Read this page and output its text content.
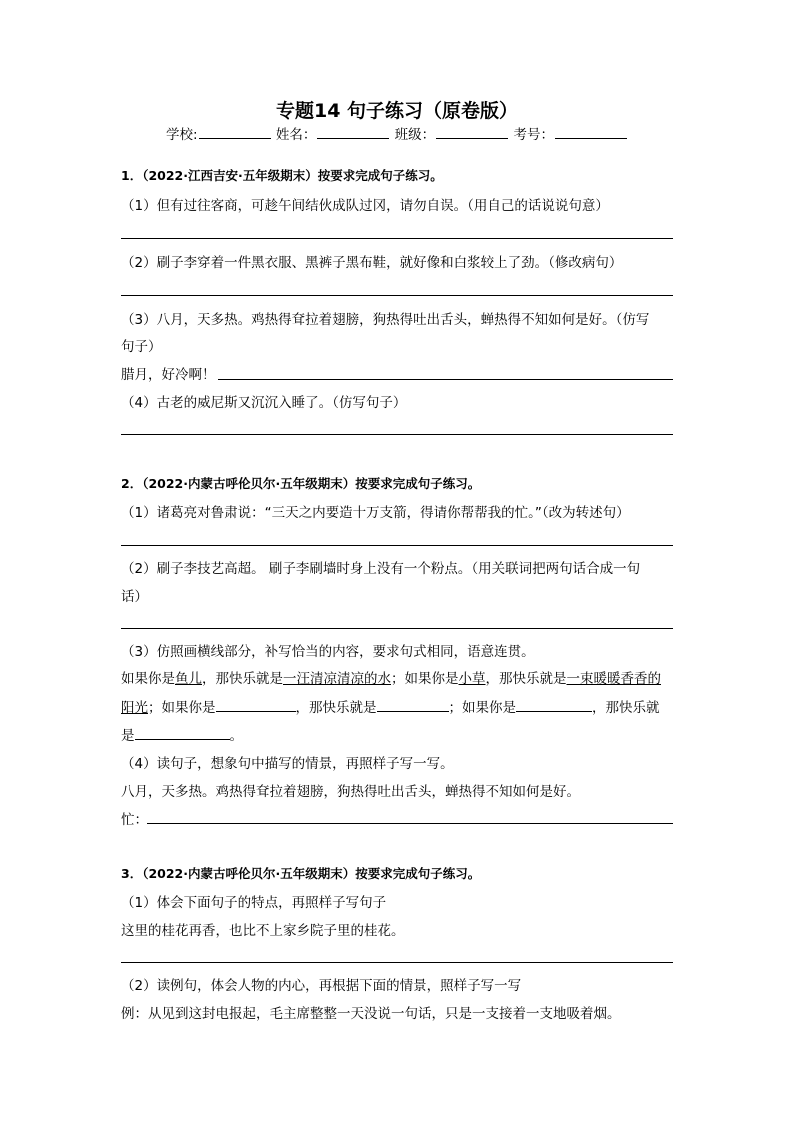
专题14 句子练习（原卷版）
学校:	姓名：	班级：	考号：
1．（2022·江西吉安·五年级期末）按要求完成句子练习。
（1）但有过往客商，可趁午间结伙成队过冈，请勿自误。（用自己的话说说句意）
（2）刷子李穿着一件黑衣服、黑裤子黑布鞋，就好像和白浆较上了劲。（修改病句）
（3）八月，天多热。鸡热得耷拉着翅膀，狗热得吐出舌头，蝉热得不知如何是好。（仿写
句子）
腊月，好冷啊！
（4）古老的威尼斯又沉沉入睡了。（仿写句子）
2．（2022·内蒙古呼伦贝尔·五年级期末）按要求完成句子练习。
（1）诸葛亮对鲁肃说：“三天之内要造十万支箭，得请你帮帮我的忙。”（改为转述句）
（2）刷子李技艺高超。 刷子李刷墙时身上没有一个粉点。（用关联词把两句话合成一句
话）
（3）仿照画横线部分，补写恰当的内容，要求句式相同，语意连贯。
如果你是鱼儿，那快乐就是一汪清凉清凉的水；如果你是小草，那快乐就是一束暖暖香香的
阳光；如果你是	，那快乐就是	；如果你是	，那快乐就
是	。
（4）读句子，想象句中描写的情景，再照样子写一写。
八月，天多热。鸡热得耷拉着翅膀，狗热得吐出舌头，蝉热得不知如何是好。
忙：
3．（2022·内蒙古呼伦贝尔·五年级期末）按要求完成句子练习。
（1）体会下面句子的特点，再照样子写句子
这里的桂花再香，也比不上家乡院子里的桂花。
（2）读例句，体会人物的内心，再根据下面的情景，照样子写一写
例：从见到这封电报起，毛主席整整一天没说一句话，只是一支接着一支地吸着烟。
